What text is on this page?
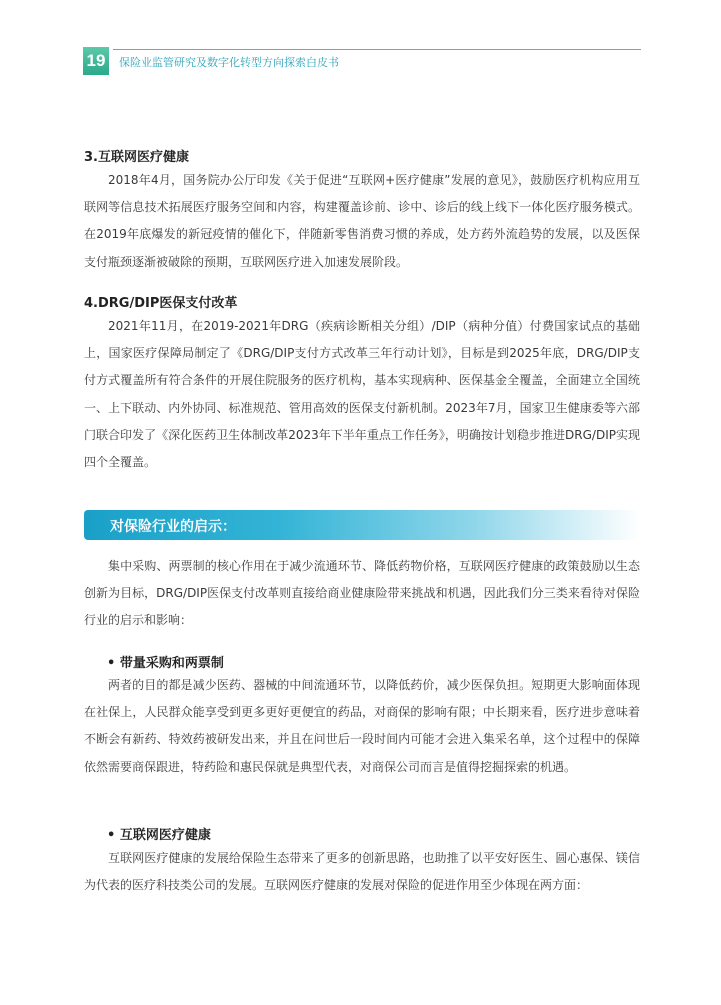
19	保险业监管研究及数字化转型方向探索白皮书
3.互联网医疗健康
2018年4月，国务院办公厅印发《关于促进“互联网+医疗健康”发展的意见》，鼓励医疗机构应用互联网等信息技术拓展医疗服务空间和内容，构建覆盖诊前、诊中、诊后的线上线下一体化医疗服务模式。在2019年底爆发的新冠疫情的催化下，伴随新零售消费习惯的养成，处方药外流趋势的发展，以及医保支付瓶颈逐渐被破除的预期，互联网医疗进入加速发展阶段。
4.DRG/DIP医保支付改革
2021年11月，在2019-2021年DRG（疾病诊断相关分组）/DIP（病种分值）付费国家试点的基础上，国家医疗保障局制定了《DRG/DIP支付方式改革三年行动计划》，目标是到2025年底，DRG/DIP支付方式覆盖所有符合条件的开展住院服务的医疗机构，基本实现病种、医保基金全覆盖，全面建立全国统一、上下联动、内外协同、标准规范、管用高效的医保支付新机制。2023年7月，国家卫生健康委等六部门联合印发了《深化医药卫生体制改革2023年下半年重点工作任务》，明确按计划稳步推进DRG/DIP实现四个全覆盖。
对保险行业的启示：
集中采购、两票制的核心作用在于减少流通环节、降低药物价格，互联网医疗健康的政策鼓励以生态创新为目标，DRG/DIP医保支付改革则直接给商业健康险带来挑战和机遇，因此我们分三类来看待对保险行业的启示和影响：
• 带量采购和两票制
两者的目的都是减少医药、器械的中间流通环节，以降低药价，减少医保负担。短期更大影响面体现在社保上，人民群众能享受到更多更好更便宜的药品，对商保的影响有限；中长期来看，医疗进步意味着不断会有新药、特效药被研发出来，并且在问世后一段时间内可能才会进入集采名单，这个过程中的保障依然需要商保跟进，特药险和惠民保就是典型代表，对商保公司而言是值得挖掘探索的机遇。
• 互联网医疗健康
互联网医疗健康的发展给保险生态带来了更多的创新思路，也助推了以平安好医生、圆心惠保、镁信为代表的医疗科技类公司的发展。互联网医疗健康的发展对保险的促进作用至少体现在两方面：
